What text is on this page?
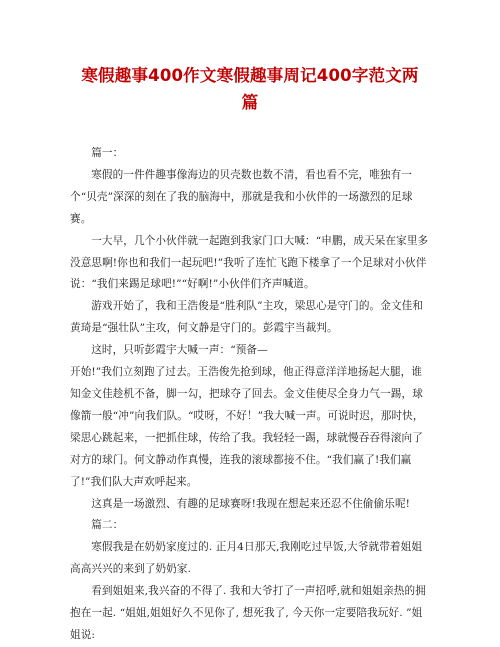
寒假趣事400作文寒假趣事周记400字范文两
篇

篇一：

寒假的一件件趣事像海边的贝壳数也数不清，看也看不完，唯独有一个“贝壳”深深的刻在了我的脑海中，那就是我和小伙伴的一场激烈的足球赛。

一大早，几个小伙伴就一起跑到我家门口大喊：“申鹏，成天呆在家里多没意思啊!你也和我们一起玩吧!”我听了连忙飞跑下楼拿了一个足球对小伙伴说：“我们来踢足球吧!”“好啊!”小伙伴们齐声喊道。

游戏开始了，我和王浩俊是“胜利队”主攻，梁思心是守门的。金文佳和黄琦是“强壮队”主攻，何文静是守门的。彭霞宇当裁判。

这时，只听彭霞宇大喊一声：“预备—

开始!”我们立刻跑了过去。王浩俊先抢到球，他正得意洋洋地扬起大腿，谁知金文佳趁机不备，脚一勾，把球夺了回去。金文佳使尽全身力气一踢，球像箭一般“冲”向我们队。“哎呀，不好！”我大喊一声。可说时迟，那时快，梁思心跳起来，一把抓住球，传给了我。我轻轻一踢，球就慢吞吞得滚向了对方的球门。何文静动作真慢，连我的滚球都接不住。“我们赢了!我们赢了!”我们队大声欢呼起来。

这真是一场激烈、有趣的足球赛呀!我现在想起来还忍不住偷偷乐呢!

篇二：

寒假我是在奶奶家度过的. 正月4日那天,我刚吃过早饭,大爷就带着姐姐高高兴兴的来到了奶奶家.

看到姐姐来,我兴奋的不得了. 我和大爷打了一声招呼,就和姐姐亲热的拥抱在一起. “姐姐,姐姐好久不见你了, 想死我了, 今天你一定要陪我玩好. ”姐姐说:
